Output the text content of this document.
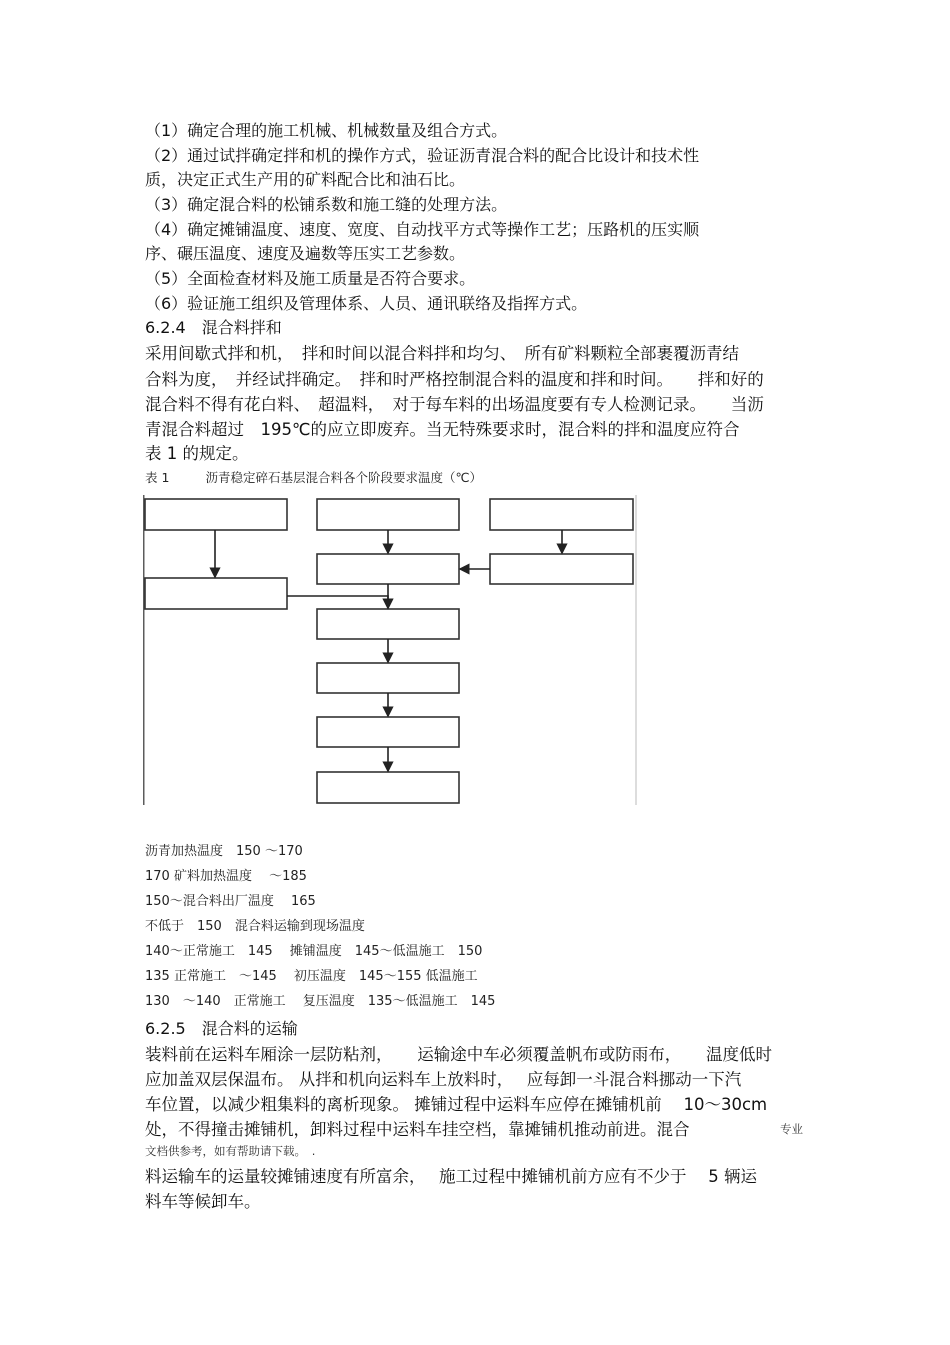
（1）确定合理的施工机械、机械数量及组合方式。
（2）通过试拌确定拌和机的操作方式，验证沥青混合料的配合比设计和技术性
质，决定正式生产用的矿料配合比和油石比。
（3）确定混合料的松铺系数和施工缝的处理方法。
（4）确定摊铺温度、速度、宽度、自动找平方式等操作工艺；压路机的压实顺
序、碾压温度、速度及遍数等压实工艺参数。
（5）全面检查材料及施工质量是否符合要求。
（6）验证施工组织及管理体系、人员、通讯联络及指挥方式。
6.2.4　混合料拌和
采用间歇式拌和机，　拌和时间以混合料拌和均匀、　所有矿料颗粒全部裹覆沥青结
合料为度，　并经试拌确定。　拌和时严格控制混合料的温度和拌和时间。　　拌和好的
混合料不得有花白料、　超温料，　对于每车料的出场温度要有专人检测记录。　　当沥
青混合料超过　195℃的应立即废弃。当无特殊要求时，混合料的拌和温度应符合
表 1 的规定。
表 1	沥青稳定碎石基层混合料各个阶段要求温度（℃）
沥青加热温度　150 ～170
170 矿料加热温度　 ～185
150～混合料出厂温度　 165
不低于　150　混合料运输到现场温度
140～正常施工　145　 摊铺温度　145～低温施工　150
135 正常施工　～145　 初压温度　145～155 低温施工
130　～140　正常施工　 复压温度　135～低温施工　145
6.2.5　混合料的运输
装料前在运料车厢涂一层防粘剂，　　运输途中车必须覆盖帆布或防雨布，　　温度低时
应加盖双层保温布。 从拌和机向运料车上放料时，　 应每卸一斗混合料挪动一下汽
车位置，以减少粗集料的离析现象。 摊铺过程中运料车应停在摊铺机前　 10～30cm
处，不得撞击摊铺机，卸料过程中运料车挂空档，靠摊铺机推动前进。混合	专业
文档供参考，如有帮助请下载。　.
料运输车的运量较摊铺速度有所富余，　 施工过程中摊铺机前方应有不少于　 5 辆运
料车等候卸车。
